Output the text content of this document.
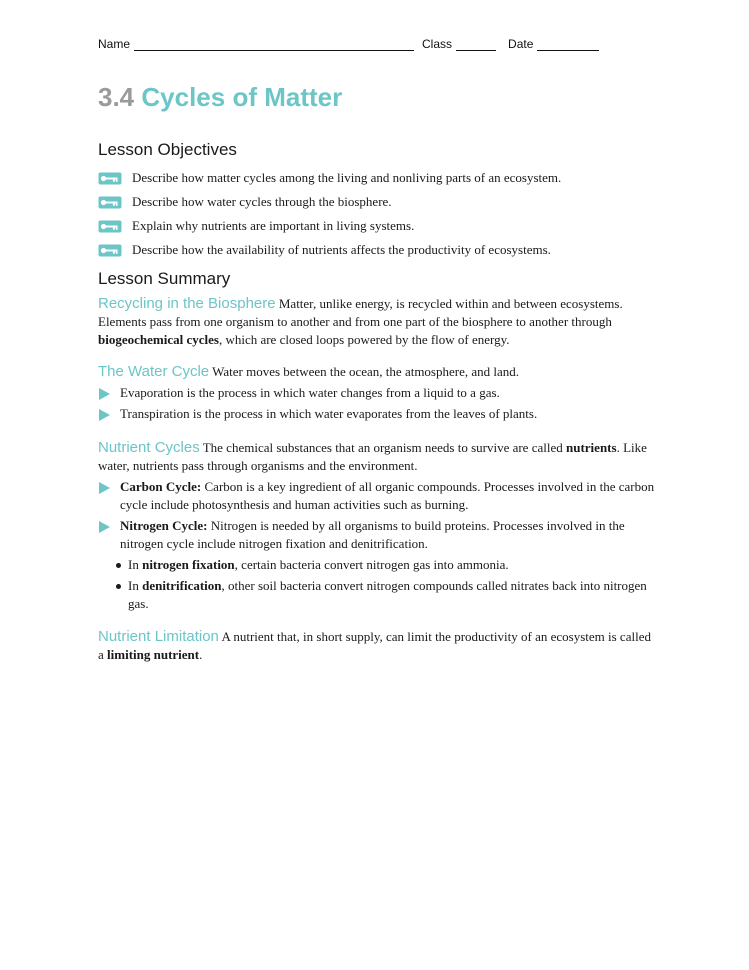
Name	Class	Date
3.4 Cycles of Matter
Lesson Objectives
Describe how matter cycles among the living and nonliving parts of an ecosystem.
Describe how water cycles through the biosphere.
Explain why nutrients are important in living systems.
Describe how the availability of nutrients affects the productivity of ecosystems.
Lesson Summary

Recycling in the Biosphere Matter, unlike energy, is recycled within and between ecosystems. Elements pass from one organism to another and from one part of the biosphere to another through biogeochemical cycles, which are closed loops powered by the flow of energy.

The Water Cycle Water moves between the ocean, the atmosphere, and land.

Evaporation is the process in which water changes from a liquid to a gas.
Transpiration is the process in which water evaporates from the leaves of plants.

Nutrient Cycles The chemical substances that an organism needs to survive are called nutrients. Like water, nutrients pass through organisms and the environment.

Carbon Cycle: Carbon is a key ingredient of all organic compounds. Processes involved in the carbon cycle include photosynthesis and human activities such as burning.
Nitrogen Cycle: Nitrogen is needed by all organisms to build proteins. Processes involved in the nitrogen cycle include nitrogen fixation and denitrification.
In nitrogen fixation, certain bacteria convert nitrogen gas into ammonia.
In denitrification, other soil bacteria convert nitrogen compounds called nitrates back into nitrogen gas.

Nutrient Limitation A nutrient that, in short supply, can limit the productivity of an ecosystem is called a limiting nutrient.
